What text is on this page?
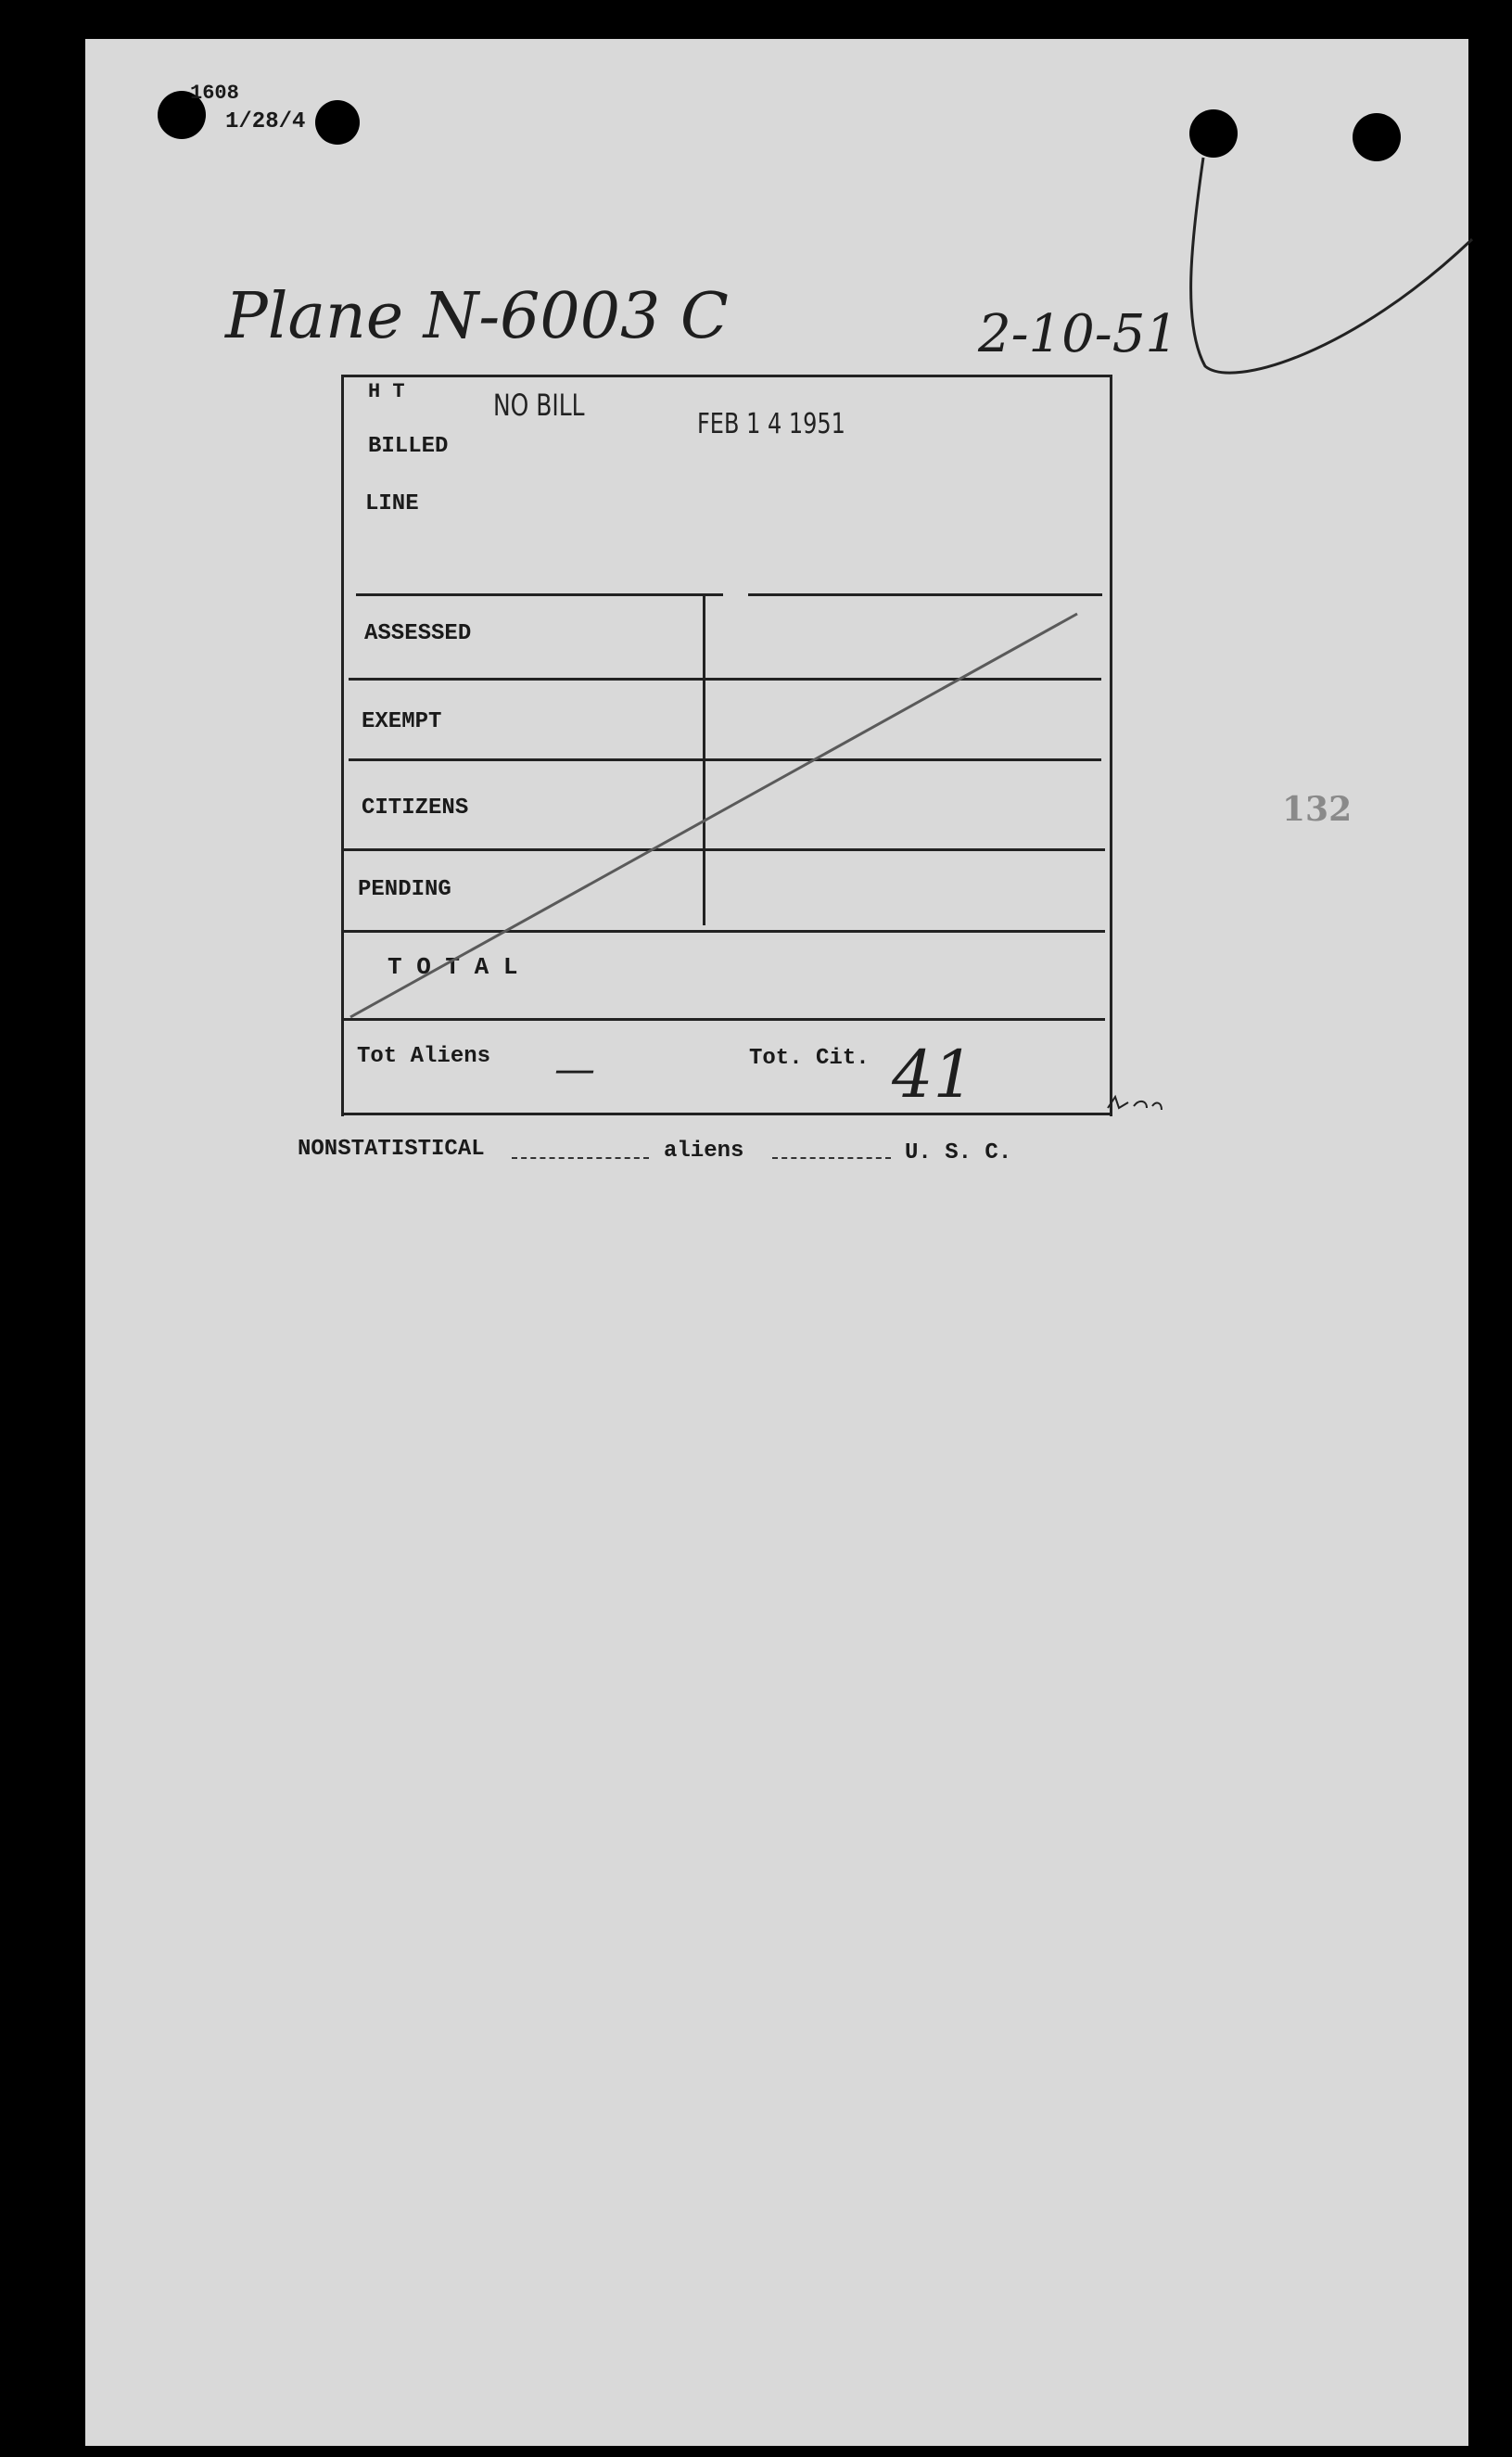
1608
1/28/4
Plane N-6003 C	2-10-51
H T	NO BILL
FEB 1 4 1951
BILLED
LINE
ASSESSED
EXEMPT
CITIZENS
PENDING
T O T A L
Tot Aliens —	Tot. Cit. 41
NONSTATISTICAL	aliens	U. S. C.
132
